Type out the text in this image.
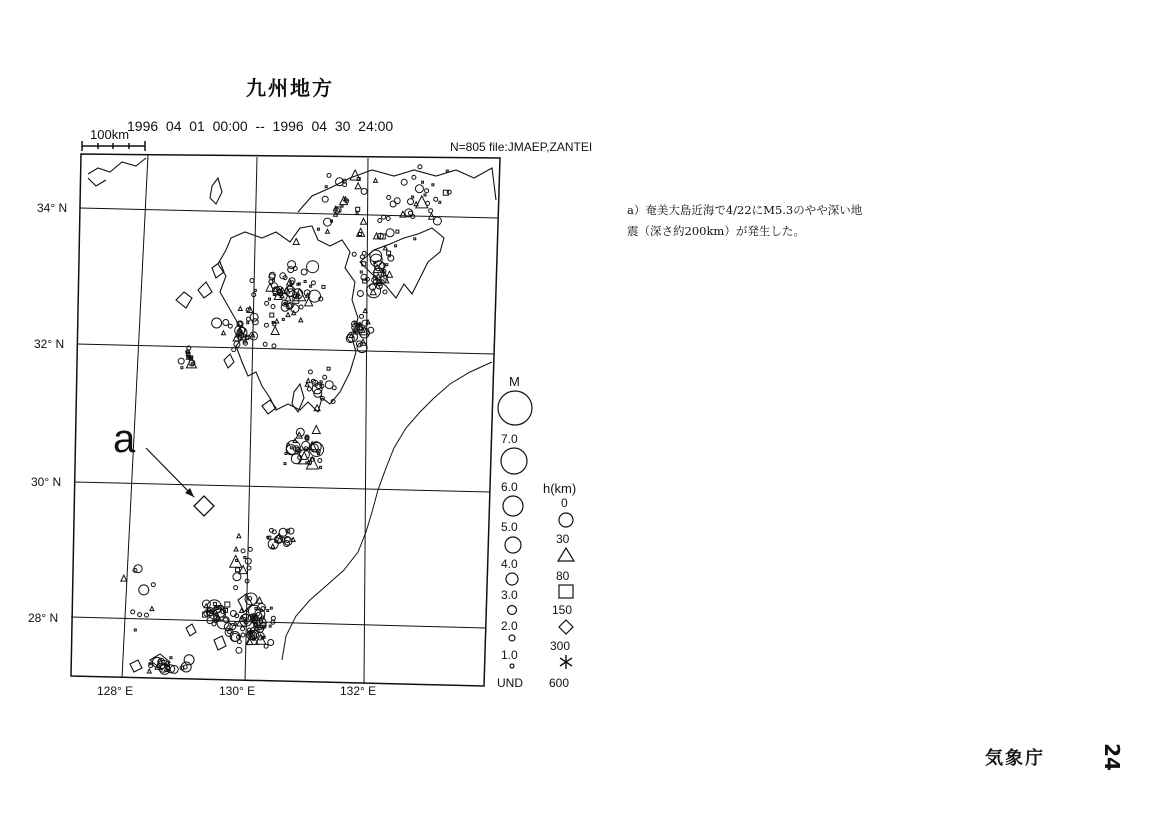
九州地方
1996  04  01  00:00  --  1996  04  30  24:00
N=805 file:JMAEP,ZANTEI
100km
34° N
32° N
30° N
28° N
128° E	130° E	132° E
a
M
7.0
6.0
5.0
4.0
3.0
2.0
1.0
UND
h(km)
0
30
80
150
300
600
a）奄美大島近海で4/22にM5.3のやや深い地
震（深さ約200km）が発生した。
気象庁	24
